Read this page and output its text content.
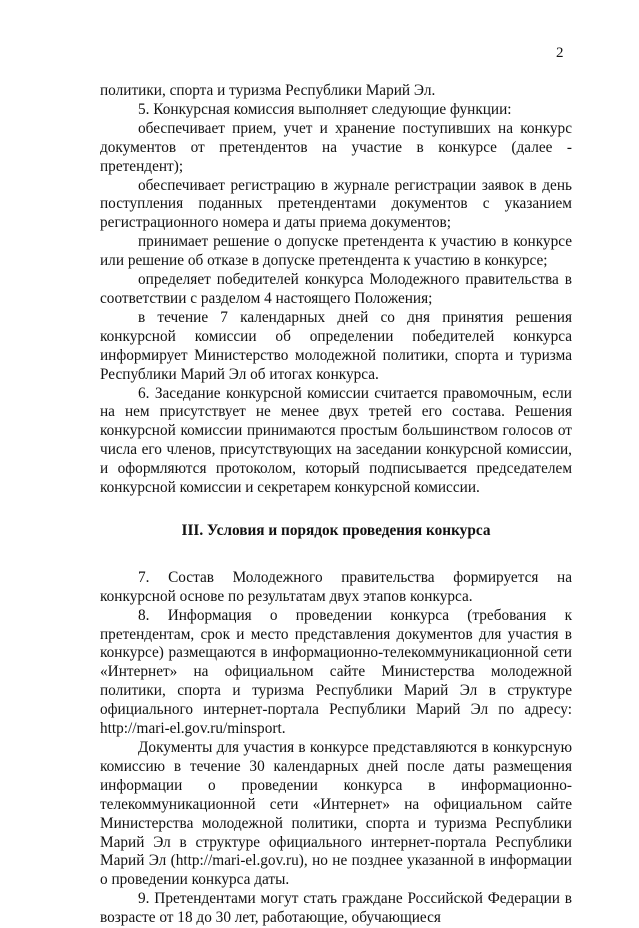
2

политики, спорта и туризма Республики Марий Эл.

5. Конкурсная комиссия выполняет следующие функции:

обеспечивает прием, учет и хранение поступивших на конкурс документов от претендентов на участие в конкурсе (далее - претендент);

обеспечивает регистрацию в журнале регистрации заявок в день поступления поданных претендентами документов с указанием регистрационного номера и даты приема документов;

принимает решение о допуске претендента к участию в конкурсе или решение об отказе в допуске претендента к участию в конкурсе;

определяет победителей конкурса Молодежного правительства в соответствии с разделом 4 настоящего Положения;

в течение 7 календарных дней со дня принятия решения конкурсной комиссии об определении победителей конкурса информирует Министерство молодежной политики, спорта и туризма Республики Марий Эл об итогах конкурса.

6. Заседание конкурсной комиссии считается правомочным, если на нем присутствует не менее двух третей его состава. Решения конкурсной комиссии принимаются простым большинством голосов от числа его членов, присутствующих на заседании конкурсной комиссии, и оформляются протоколом, который подписывается председателем конкурсной комиссии и секретарем конкурсной комиссии.

III. Условия и порядок проведения конкурса

7. Состав Молодежного правительства формируется на конкурсной основе по результатам двух этапов конкурса.

8. Информация о проведении конкурса (требования к претендентам, срок и место представления документов для участия в конкурсе) размещаются в информационно-телекоммуникационной сети «Интернет» на официальном сайте Министерства молодежной политики, спорта и туризма Республики Марий Эл в структуре официального интернет-портала Республики Марий Эл по адресу: http://mari-el.gov.ru/minsport.

Документы для участия в конкурсе представляются в конкурсную комиссию в течение 30 календарных дней после даты размещения информации о проведении конкурса в информационно-телекоммуникационной сети «Интернет» на официальном сайте Министерства молодежной политики, спорта и туризма Республики Марий Эл в структуре официального интернет-портала Республики Марий Эл (http://mari-el.gov.ru), но не позднее указанной в информации о проведении конкурса даты.

9. Претендентами могут стать граждане Российской Федерации в возрасте от 18 до 30 лет, работающие, обучающиеся
